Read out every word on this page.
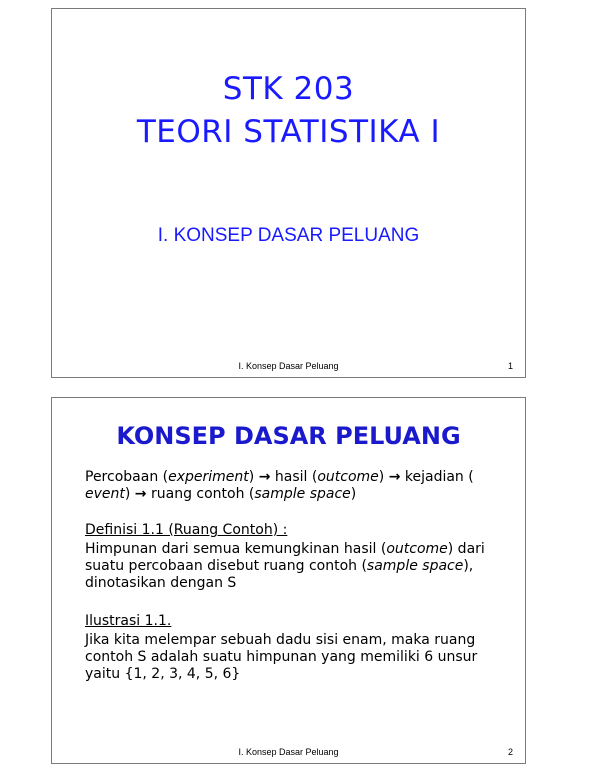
STK 203
TEORI STATISTIKA I
I. KONSEP DASAR PELUANG
I. Konsep Dasar Peluang	1
KONSEP DASAR PELUANG
Percobaan (experiment) → hasil (outcome) → kejadian (
event) → ruang contoh (sample space)
Definisi 1.1 (Ruang Contoh) :
Himpunan dari semua kemungkinan hasil (outcome) dari suatu percobaan disebut ruang contoh (sample space), dinotasikan dengan S
Ilustrasi 1.1.
Jika kita melempar sebuah dadu sisi enam, maka ruang contoh S adalah suatu himpunan yang memiliki 6 unsur yaitu {1, 2, 3, 4, 5, 6}
I. Konsep Dasar Peluang	2
